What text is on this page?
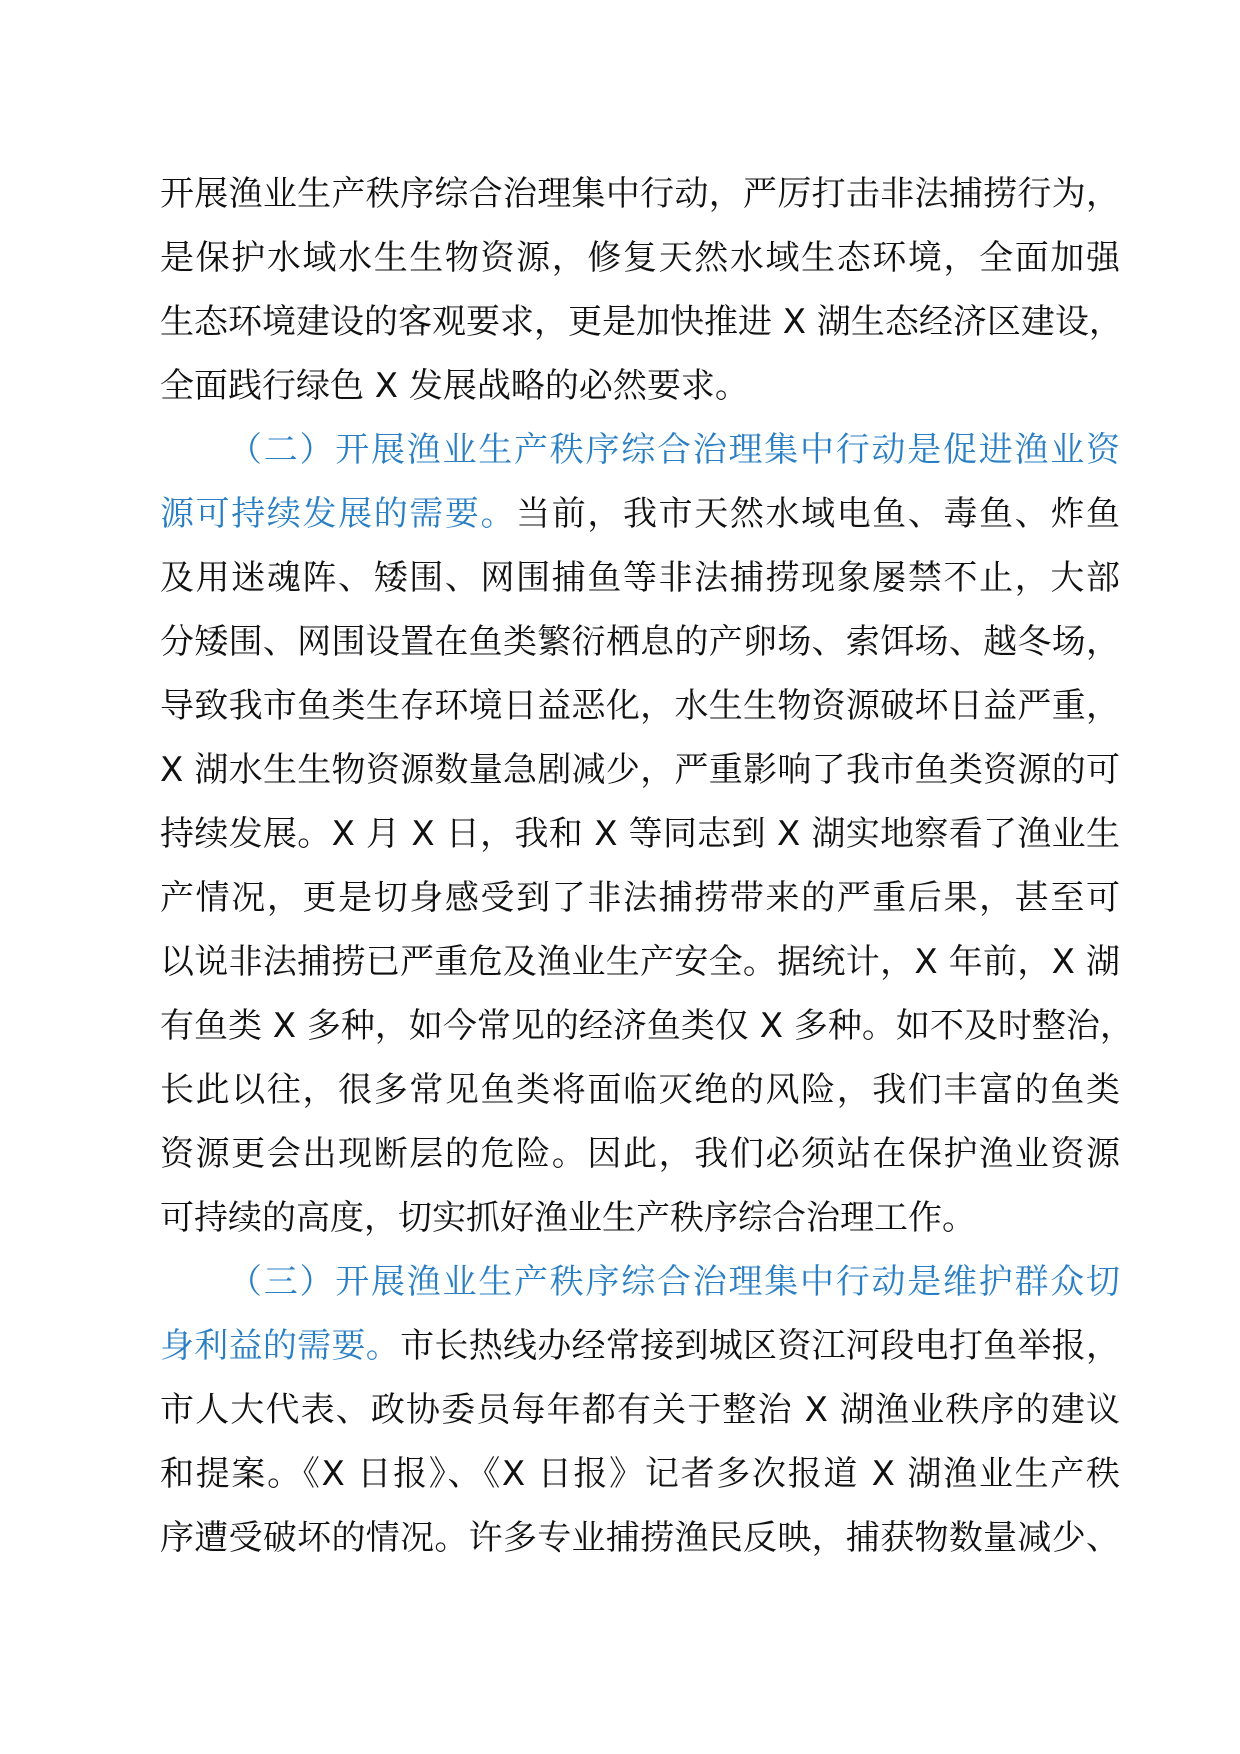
开展渔业生产秩序综合治理集中行动，严厉打击非法捕捞行为，
是保护水域水生生物资源，修复天然水域生态环境，全面加强
生态环境建设的客观要求，更是加快推进 X 湖生态经济区建设，
全面践行绿色 X 发展战略的必然要求。
（二）开展渔业生产秩序综合治理集中行动是促进渔业资
源可持续发展的需要。当前，我市天然水域电鱼、毒鱼、炸鱼
及用迷魂阵、矮围、网围捕鱼等非法捕捞现象屡禁不止，大部
分矮围、网围设置在鱼类繁衍栖息的产卵场、索饵场、越冬场，
导致我市鱼类生存环境日益恶化，水生生物资源破坏日益严重，
X 湖水生生物资源数量急剧减少，严重影响了我市鱼类资源的可
持续发展。X 月 X 日，我和 X 等同志到 X 湖实地察看了渔业生
产情况，更是切身感受到了非法捕捞带来的严重后果，甚至可
以说非法捕捞已严重危及渔业生产安全。据统计，X 年前，X 湖
有鱼类 X 多种，如今常见的经济鱼类仅 X 多种。如不及时整治，
长此以往，很多常见鱼类将面临灭绝的风险，我们丰富的鱼类
资源更会出现断层的危险。因此，我们必须站在保护渔业资源
可持续的高度，切实抓好渔业生产秩序综合治理工作。
（三）开展渔业生产秩序综合治理集中行动是维护群众切
身利益的需要。市长热线办经常接到城区资江河段电打鱼举报，
市人大代表、政协委员每年都有关于整治 X 湖渔业秩序的建议
和提案。《X 日报》、《X 日报》记者多次报道 X 湖渔业生产秩
序遭受破坏的情况。许多专业捕捞渔民反映，捕获物数量减少、
